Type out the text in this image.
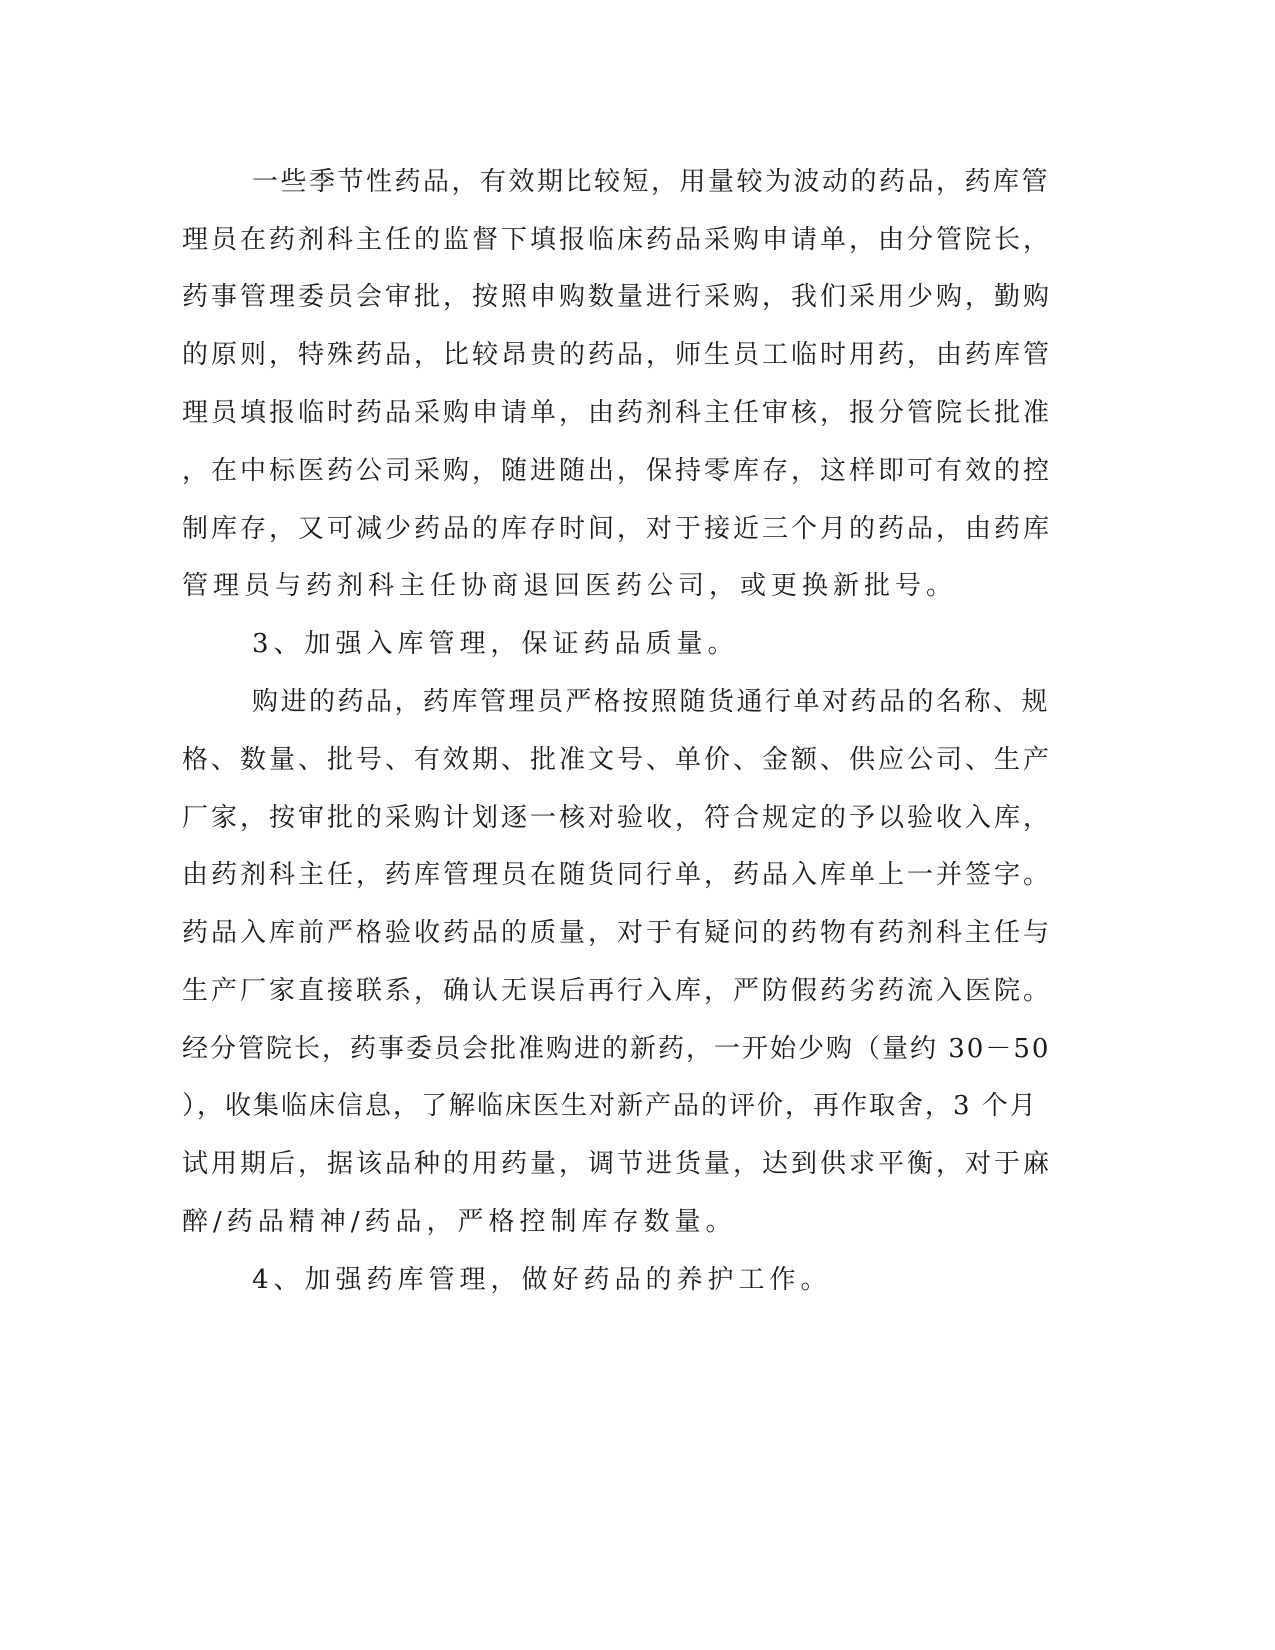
一些季节性药品，有效期比较短，用量较为波动的药品，药库管
理员在药剂科主任的监督下填报临床药品采购申请单，由分管院长，
药事管理委员会审批，按照申购数量进行采购，我们采用少购，勤购
的原则，特殊药品，比较昂贵的药品，师生员工临时用药，由药库管
理员填报临时药品采购申请单，由药剂科主任审核，报分管院长批准
，在中标医药公司采购，随进随出，保持零库存，这样即可有效的控
制库存，又可减少药品的库存时间，对于接近三个月的药品，由药库
管理员与药剂科主任协商退回医药公司，或更换新批号。
3、加强入库管理，保证药品质量。
购进的药品，药库管理员严格按照随货通行单对药品的名称、规
格、数量、批号、有效期、批准文号、单价、金额、供应公司、生产
厂家，按审批的采购计划逐一核对验收，符合规定的予以验收入库，
由药剂科主任，药库管理员在随货同行单，药品入库单上一并签字。
药品入库前严格验收药品的质量，对于有疑问的药物有药剂科主任与
生产厂家直接联系，确认无误后再行入库，严防假药劣药流入医院。
经分管院长，药事委员会批准购进的新药，一开始少购（量约 30－50
），收集临床信息，了解临床医生对新产品的评价，再作取舍，3 个月
试用期后，据该品种的用药量，调节进货量，达到供求平衡，对于麻
醉/药品精神/药品，严格控制库存数量。
4、加强药库管理，做好药品的养护工作。
